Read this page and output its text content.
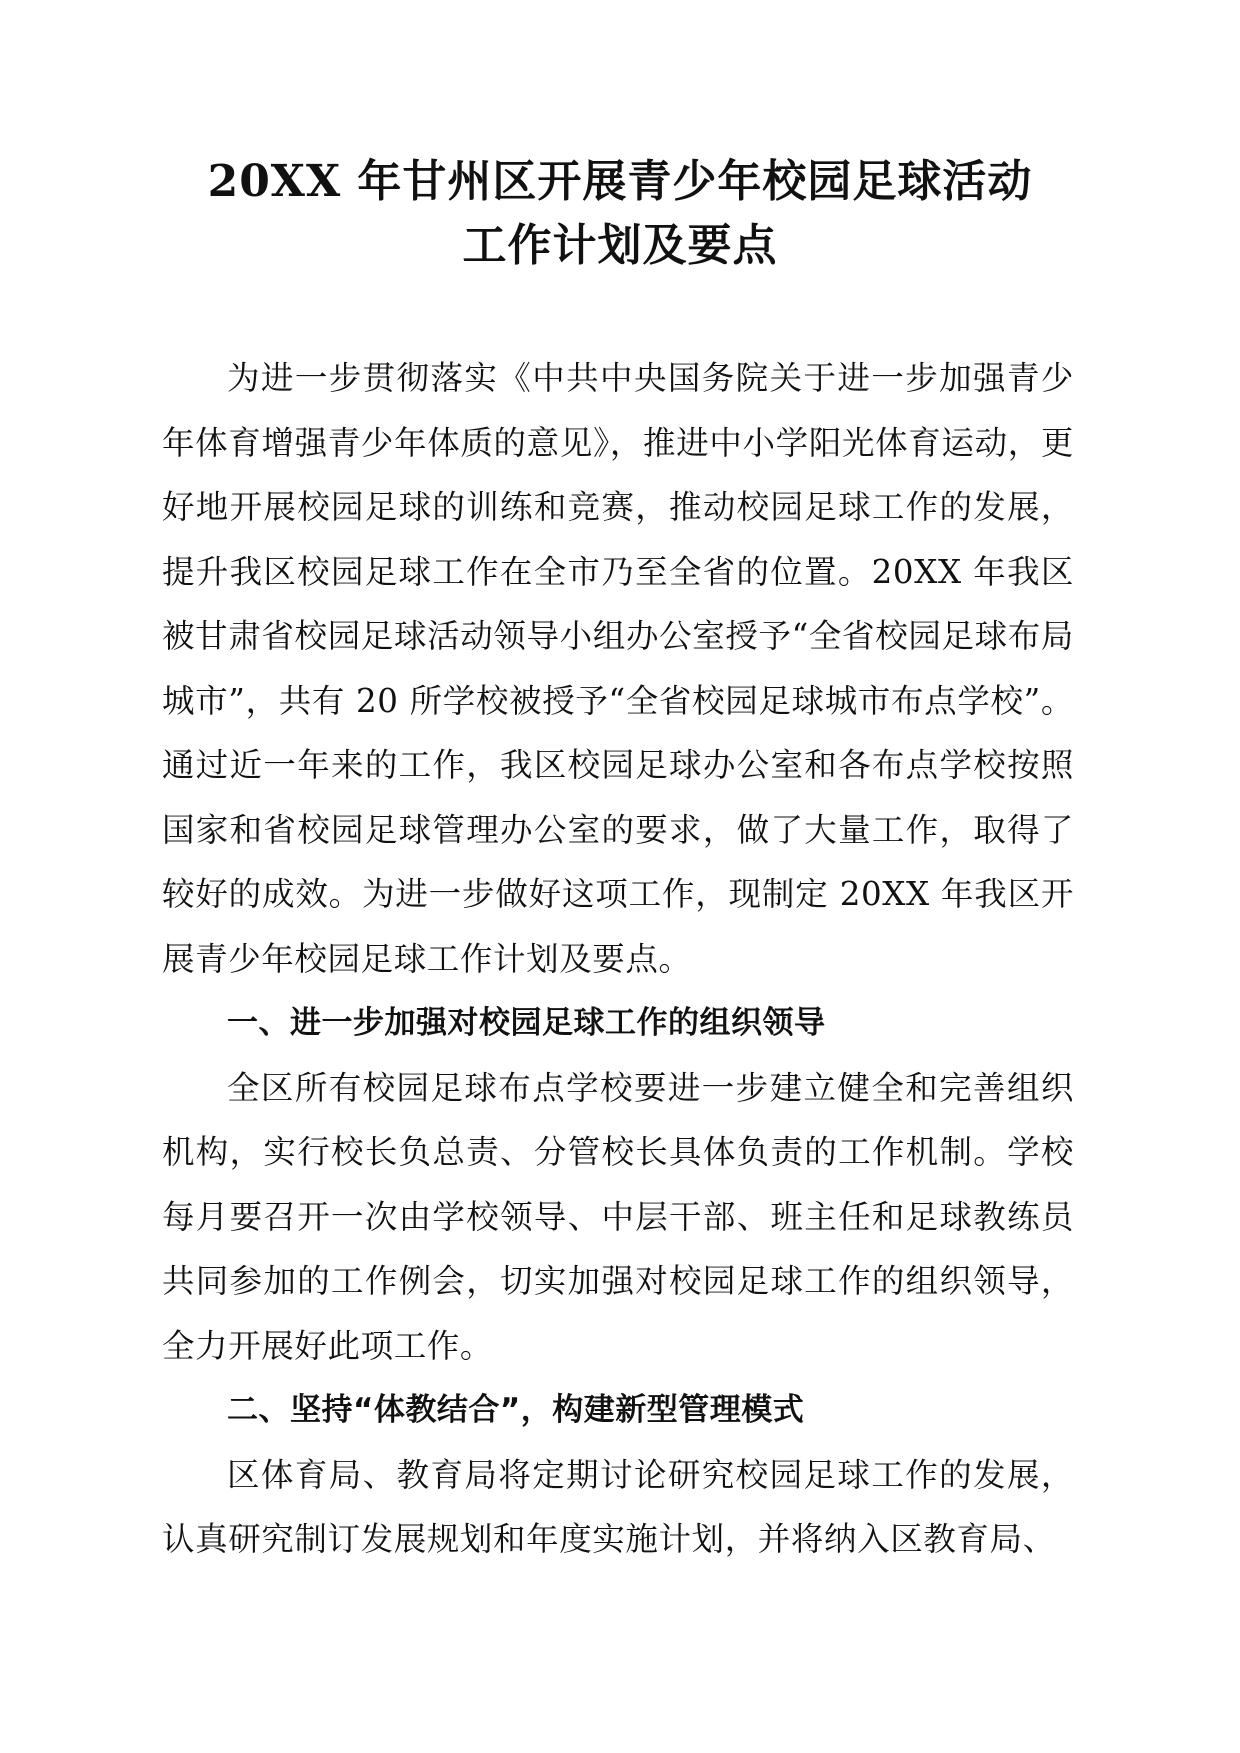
20XX 年甘州区开展青少年校园足球活动
工作计划及要点

为进一步贯彻落实《中共中央国务院关于进一步加强青少年体育增强青少年体质的意见》，推进中小学阳光体育运动，更好地开展校园足球的训练和竞赛，推动校园足球工作的发展，提升我区校园足球工作在全市乃至全省的位置。20XX 年我区被甘肃省校园足球活动领导小组办公室授予“全省校园足球布局城市”，共有 20 所学校被授予“全省校园足球城市布点学校”。通过近一年来的工作，我区校园足球办公室和各布点学校按照国家和省校园足球管理办公室的要求，做了大量工作，取得了较好的成效。为进一步做好这项工作，现制定 20XX 年我区开展青少年校园足球工作计划及要点。

一、进一步加强对校园足球工作的组织领导

全区所有校园足球布点学校要进一步建立健全和完善组织机构，实行校长负总责、分管校长具体负责的工作机制。学校每月要召开一次由学校领导、中层干部、班主任和足球教练员共同参加的工作例会，切实加强对校园足球工作的组织领导，全力开展好此项工作。

二、坚持“体教结合”，构建新型管理模式

区体育局、教育局将定期讨论研究校园足球工作的发展，认真研究制订发展规划和年度实施计划，并将纳入区教育局、
